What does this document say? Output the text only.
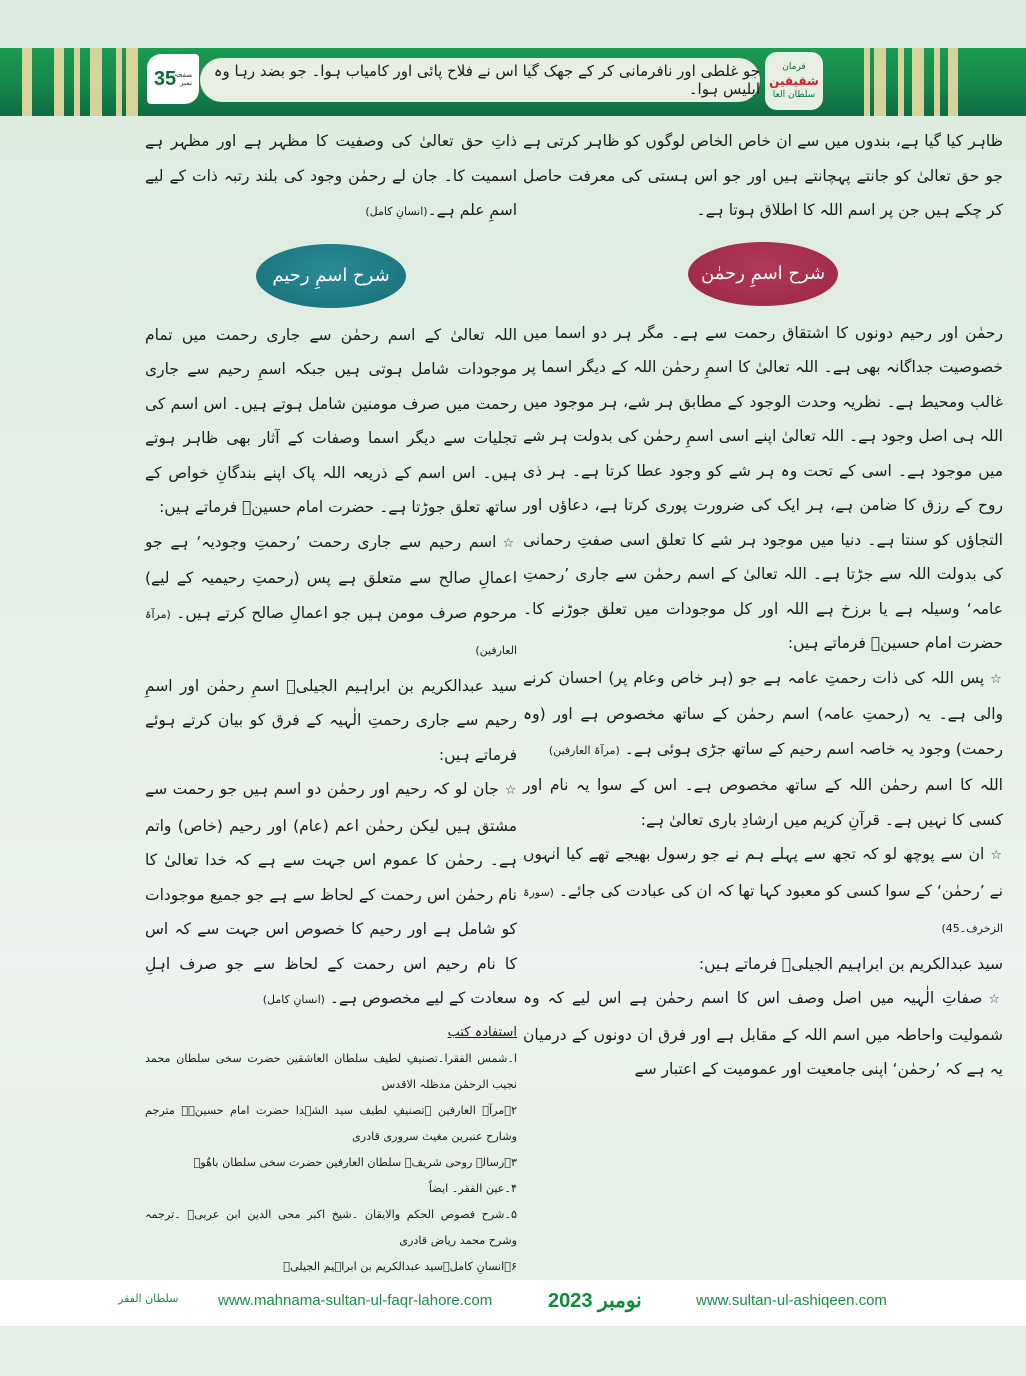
35
صفحہ نمبر
جو غلطی اور نافرمانی کر کے جھک گیا اس نے فلاح پائی اور کامیاب ہوا۔ جو بضد رہا وہ ابلیس ہوا۔
فرمان
شقیقین
سلطان العا

ظاہر کیا گیا ہے، بندوں میں سے ان خاص الخاص لوگوں کو ظاہر کرتی ہے جو حق تعالیٰ کو جانتے پہچانتے ہیں اور جو اس ہستی کی معرفت حاصل کر چکے ہیں جن پر اسم اللہ کا اطلاق ہوتا ہے۔

شرح اسمِ رحمٰن

رحمٰن اور رحیم دونوں کا اشتقاق رحمت سے ہے۔ مگر ہر دو اسما میں خصوصیت جداگانہ بھی ہے۔ اللہ تعالیٰ کا اسمِ رحمٰن اللہ کے دیگر اسما پر غالب ومحیط ہے۔ نظریہ وحدت الوجود کے مطابق ہر شے، ہر موجود میں اللہ ہی اصل وجود ہے۔ اللہ تعالیٰ اپنے اسی اسمِ رحمٰن کی بدولت ہر شے میں موجود ہے۔ اسی کے تحت وہ ہر شے کو وجود عطا کرتا ہے۔ ہر ذی روح کے رزق کا ضامن ہے، ہر ایک کی ضرورت پوری کرتا ہے، دعاؤں اور التجاؤں کو سنتا ہے۔ دنیا میں موجود ہر شے کا تعلق اسی صفتِ رحمانی کی بدولت اللہ سے جڑتا ہے۔ اللہ تعالیٰ کے اسم رحمٰن سے جاری ’رحمتِ عامہ‘ وسیلہ ہے یا برزخ ہے اللہ اور کل موجودات میں تعلق جوڑنے کا۔ حضرت امام حسینؓ فرماتے ہیں:

☆پس اللہ کی ذات رحمتِ عامہ ہے جو (ہر خاص وعام پر) احسان کرنے والی ہے۔ یہ (رحمتِ عامہ) اسم رحمٰن کے ساتھ مخصوص ہے اور (وہ رحمت) وجود یہ خاصہ اسم رحیم کے ساتھ جڑی ہوئی ہے۔ (مرآۃ العارفین)

اللہ کا اسم رحمٰن اللہ کے ساتھ مخصوص ہے۔ اس کے سوا یہ نام اور کسی کا نہیں ہے۔ قرآنِ کریم میں ارشادِ باری تعالیٰ ہے:

☆ان سے پوچھ لو کہ تجھ سے پہلے ہم نے جو رسول بھیجے تھے کیا انہوں نے ’رحمٰن‘ کے سوا کسی کو معبود کہا تھا کہ ان کی عبادت کی جائے۔ (سورۃ الزخرف۔45)

سید عبدالکریم بن ابراہیم الجیلیؒ فرماتے ہیں:

☆صفاتِ الٰہیہ میں اصل وصف اس کا اسم رحمٰن ہے اس لیے کہ وہ شمولیت واحاطہ میں اسم اللہ کے مقابل ہے اور فرق ان دونوں کے درمیان یہ ہے کہ ’رحمٰن‘ اپنی جامعیت اور عمومیت کے اعتبار سے

ذاتِ حق تعالیٰ کی وصفیت کا مظہر ہے اور مظہر ہے اسمیت کا۔ جان لے رحمٰن وجود کی بلند رتبہ ذات کے لیے اسمِ علم ہے۔(انسانِ کامل)

شرح اسمِ رحیم

اللہ تعالیٰ کے اسم رحمٰن سے جاری رحمت میں تمام موجودات شامل ہوتی ہیں جبکہ اسمِ رحیم سے جاری رحمت میں صرف مومنین شامل ہوتے ہیں۔ اس اسم کی تجلیات سے دیگر اسما وصفات کے آثار بھی ظاہر ہوتے ہیں۔ اس اسم کے ذریعہ اللہ پاک اپنے بندگانِ خواص کے ساتھ تعلق جوڑتا ہے۔ حضرت امام حسینؓ فرماتے ہیں:

☆اسم رحیم سے جاری رحمت ’رحمتِ وجودیہ‘ ہے جو اعمالِ صالح سے متعلق ہے پس (رحمتِ رحیمیہ کے لیے) مرحوم صرف مومن ہیں جو اعمالِ صالح کرتے ہیں۔ (مرآۃ العارفین)

سید عبدالکریم بن ابراہیم الجیلیؒ اسمِ رحمٰن اور اسمِ رحیم سے جاری رحمتِ الٰہیہ کے فرق کو بیان کرتے ہوئے فرماتے ہیں:

☆جان لو کہ رحیم اور رحمٰن دو اسم ہیں جو رحمت سے مشتق ہیں لیکن رحمٰن اعم (عام) اور رحیم (خاص) واتم ہے۔ رحمٰن کا عموم اس جہت سے ہے کہ خدا تعالیٰ کا نام رحمٰن اس رحمت کے لحاظ سے ہے جو جمیع موجودات کو شامل ہے اور رحیم کا خصوص اس جہت سے کہ اس کا نام رحیم اس رحمت کے لحاظ سے جو صرف اہلِ سعادت کے لیے مخصوص ہے۔ (انسانِ کامل)

استفادہ کتب

ا۔شمس الفقرا۔تصنیفِ لطیف سلطان العاشقین حضرت سخی سلطان محمد نجیب الرحمٰن مدظلہ الاقدس

۲۔مرآۃ العارفین ۔تصنیفِ لطیف سید الشہدا حضرت امام حسینؓ۔ مترجم وشارح عنبرین مغیث سروری قادری

۳۔رسالہ روحی شریف۔ سلطان العارفین حضرت سخی سلطان باھُوؒ

۴۔عین الفقر۔ ایضاً

۵۔شرح فصوص الحکم والایقان ۔شیخ اکبر محی الدین ابن عربیؒ ۔ترجمہ وشرح محمد ریاض قادری

۶۔انسانِ کامل۔سید عبدالکریم بن ابراہیم الجیلیؒ

سلطان الفقر	www.mahnama-sultan-ul-faqr-lahore.com	نومبر 2023	www.sultan-ul-ashiqeen.com
